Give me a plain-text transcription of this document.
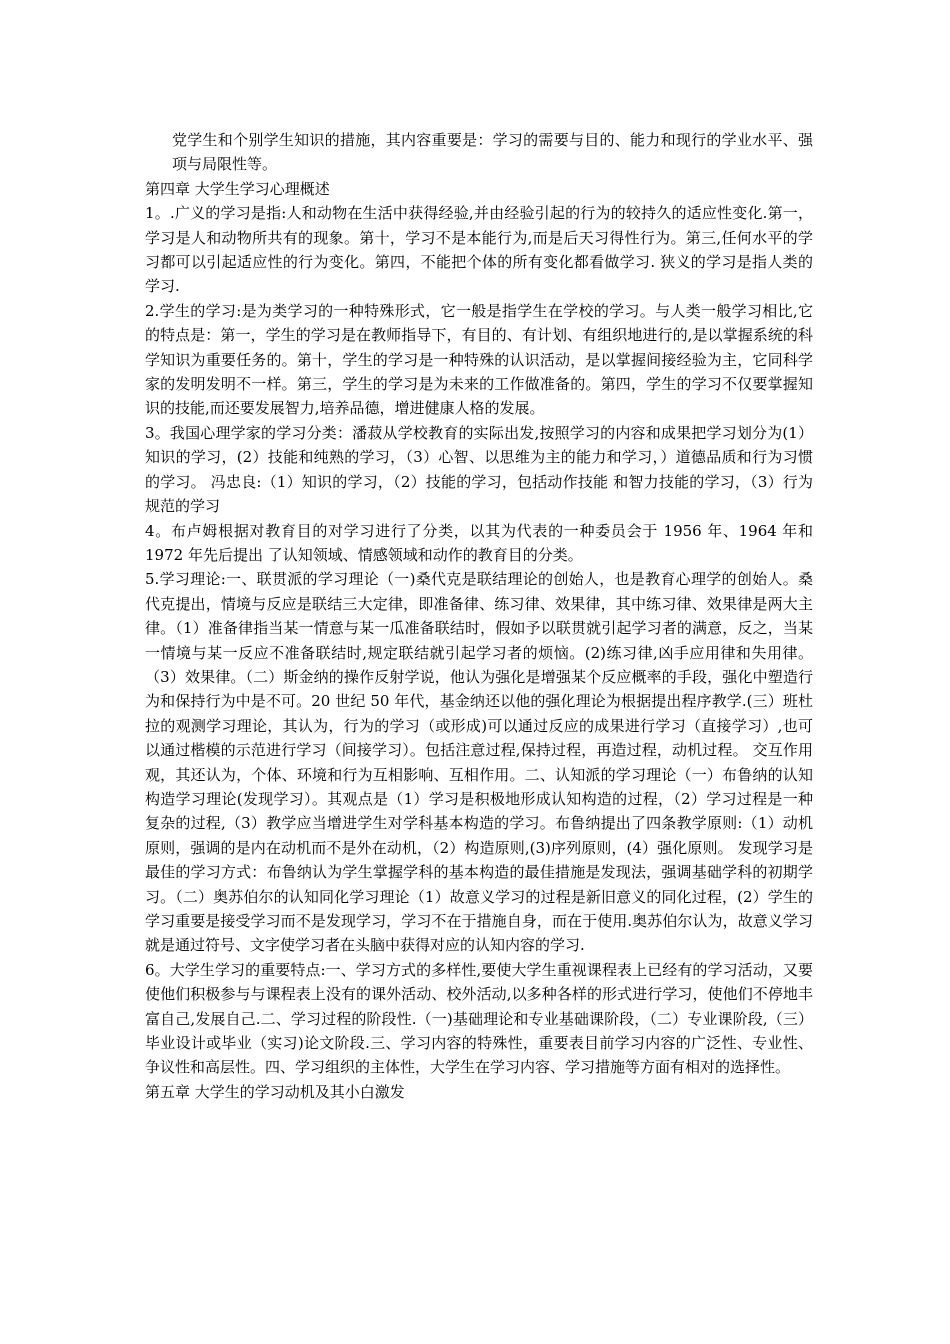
党学生和个别学生知识的措施，其内容重要是：学习的需要与目的、能力和现行的学业水平、强项与局限性等。

第四章 大学生学习心理概述

1。.广义的学习是指:人和动物在生活中获得经验,并由经验引起的行为的较持久的适应性变化.第一，学习是人和动物所共有的现象。第十，学习不是本能行为,而是后天习得性行为。第三,任何水平的学习都可以引起适应性的行为变化。第四，不能把个体的所有变化都看做学习. 狭义的学习是指人类的学习.

2.学生的学习:是为类学习的一种特殊形式，它一般是指学生在学校的学习。与人类一般学习相比,它的特点是：第一，学生的学习是在教师指导下，有目的、有计划、有组织地进行的,是以掌握系统的科学知识为重要任务的。第十，学生的学习是一种特殊的认识活动，是以掌握间接经验为主，它同科学家的发明发明不一样。第三，学生的学习是为未来的工作做准备的。第四，学生的学习不仅要掌握知识的技能,而还要发展智力,培养品德，增进健康人格的发展。

3。我国心理学家的学习分类：潘菽从学校教育的实际出发,按照学习的内容和成果把学习划分为(1）知识的学习，(2）技能和纯熟的学习，（3）心智、以思维为主的能力和学习，）道德品质和行为习惯的学习。 冯忠良:（1）知识的学习，（2）技能的学习，包括动作技能 和智力技能的学习，（3）行为规范的学习

4。布卢姆根据对教育目的对学习进行了分类，以其为代表的一种委员会于 1956 年、1964 年和 1972 年先后提出 了认知领域、情感领域和动作的教育目的分类。

5.学习理论:一、联贯派的学习理论（一)桑代克是联结理论的创始人，也是教育心理学的创始人。桑代克提出，情境与反应是联结三大定律，即准备律、练习律、效果律，其中练习律、效果律是两大主律。（1）准备律指当某一情意与某一瓜准备联结时，假如予以联贯就引起学习者的满意，反之，当某一情境与某一反应不准备联结时,规定联结就引起学习者的烦恼。(2)练习律,凶手应用律和失用律。（3）效果律。（二）斯金纳的操作反射学说，他认为强化是增强某个反应概率的手段，强化中塑造行为和保持行为中是不可。20 世纪 50 年代，基金纳还以他的强化理论为根据提出程序教学.(三）班杜拉的观测学习理论，其认为，行为的学习（或形成)可以通过反应的成果进行学习（直接学习）,也可以通过楷模的示范进行学习（间接学习）。包括注意过程,保持过程，再造过程，动机过程。 交互作用观，其还认为，个体、环境和行为互相影响、互相作用。二、认知派的学习理论（一）布鲁纳的认知构造学习理论(发现学习）。其观点是（1）学习是积极地形成认知构造的过程，（2）学习过程是一种复杂的过程,（3）教学应当增进学生对学科基本构造的学习。布鲁纳提出了四条教学原则:（1）动机原则，强调的是内在动机而不是外在动机，（2）构造原则,(3)序列原则，(4）强化原则。 发现学习是最佳的学习方式：布鲁纳认为学生掌握学科的基本构造的最佳措施是发现法，强调基础学科的初期学习。（二）奥苏伯尔的认知同化学习理论（1）故意义学习的过程是新旧意义的同化过程，(2）学生的学习重要是接受学习而不是发现学习，学习不在于措施自身，而在于使用.奥苏伯尔认为，故意义学习就是通过符号、文字使学习者在头脑中获得对应的认知内容的学习.

6。大学生学习的重要特点:一、学习方式的多样性,要使大学生重视课程表上已经有的学习活动，又要使他们积极参与与课程表上没有的课外活动、校外活动,以多种各样的形式进行学习，使他们不停地丰富自己,发展自己.二、学习过程的阶段性.（一)基础理论和专业基础课阶段，（二）专业课阶段,（三）毕业设计或毕业（实习)论文阶段.三、学习内容的特殊性，重要表目前学习内容的广泛性、专业性、争议性和高层性。四、学习组织的主体性，大学生在学习内容、学习措施等方面有相对的选择性。

第五章 大学生的学习动机及其小白激发
